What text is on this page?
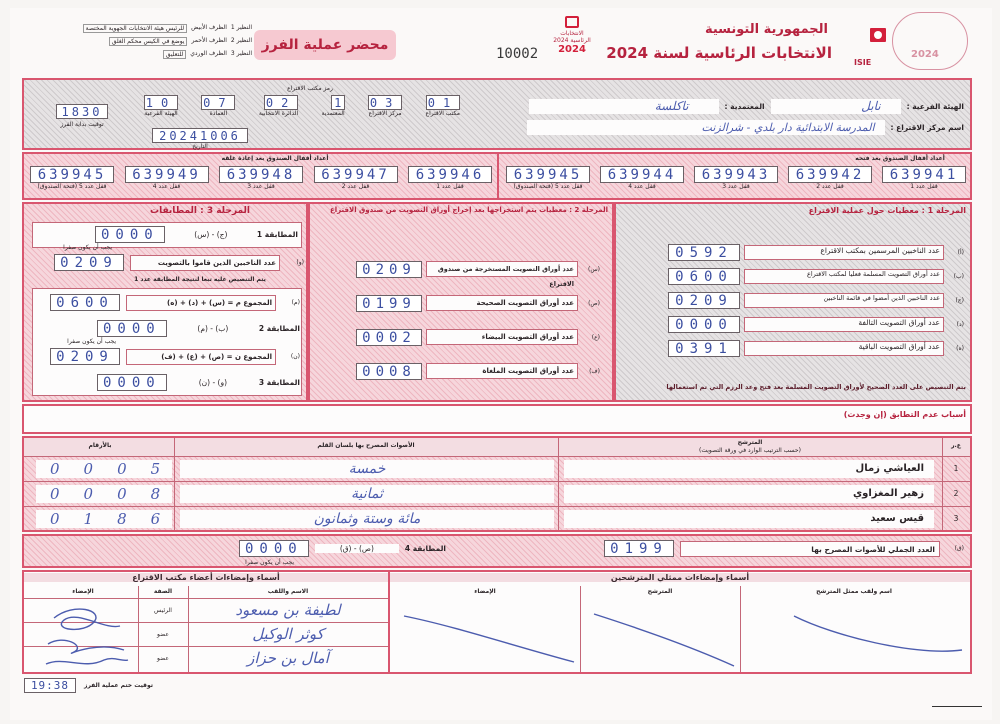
الجمهورية التونسية
الانتخابات الرئاسية لسنة 2024
ISIE
2024
الانتخابات الرئاسية 2024
2024
10002
محضر عملية الفرز
النظير 1
الظرف الأبيض
للرئيس هيئة الانتخابات الجهوية المختصة
النظير 2
الظرف الأحمر
يوضع في الكيس محكم الغلق
النظير 3
الظرف الوردي
للتعليق
رمز مكتب الاقتراع
01
مكتب الاقتراع
03
مركز الاقتراع
1
المعتمدية
02
الدائرة الانتخابية
07
العمادة
10
الهيئة الفرعية
1830
توقيت بداية الفرز
20241006
التاريخ
الهيئة الفرعية :
نابل
المعتمدية :
تاكلسة
اسم مركز الاقتراع :
المدرسة الابتدائية دار بلدي - شرالزنت
أعداد أقفال الصندوق بعد إعادة غلقه	أعداد أقفال الصندوق بعد فتحه
639945
قفل عدد 5 (فتحة الصندوق)
639949
قفل عدد 4
639948
قفل عدد 3
639947
قفل عدد 2
639946
قفل عدد 1
639945
قفل عدد 5 (فتحة الصندوق)
639944
قفل عدد 4
639943
قفل عدد 3
639942
قفل عدد 2
639941
قفل عدد 1
المرحلة 1 : معطيات حول عملية الاقتراع
(أ)
عدد الناخبين المرسمين بمكتب الاقتراع
0592
(ب)
عدد أوراق التصويت المسلمة فعليا لمكتب الاقتراع
0600
(ج)
عدد الناخبين الذين أمضوا في قائمة الناخبين
0209
(د)
عدد أوراق التصويت التالفة
0000
(ه)
عدد أوراق التصويت الباقية
0391
بتم التنصيص على العدد الصحيح لأوراق التصويت المسلمة بعد فتح وعد الرزم التي تم استعمالها
المرحلة 2 : معطيات يتم استخراجها بعد إخراج أوراق التصويت من صندوق الاقتراع
(س)
عدد أوراق التصويت المستخرجة من صندوق الاقتراع
0209
(ص)
عدد أوراق التصويت الصحيحة
0199
(ع)
عدد أوراق التصويت البيضاء
0002
(ف)
عدد أوراق التصويت الملغاة
0008
المرحلة 3 : المطابقات
المطابقة 1
(ج) - (س)
0000
يجب أن يكون صفرا
(و)
عدد الناخبين الذين قاموا بالتصويت
0209
يتم التنصيص عليه تبعا لنتيجة المطابقة عدد 1
(م)
المجموع م = (س) + (د) + (ه)
0600
المطابقة 2
(ب) - (م)
0000
يجب أن يكون صفرا
(ن)
المجموع ن = (ص) + (ع) + (ف)
0209
المطابقة 3
(و) - (ن)
0000
أسباب عدم التطابق (إن وجدت)
ع.ر
المترشح
(حسب الترتيب الوارد في ورقة التصويت)
الأصوات المصرح بها بلسان القلم
بالأرقام
1
العياشي زمال
خمسة
0005
2
زهير المغزاوي
ثمانية
0008
3
قيس سعيد
مائة وستة وثمانون
0186
(ق)
العدد الجملي للأصوات المصرح بها
0199
المطابقة 4
(ص) - (ق)
0000
يجب أن يكون صفرا
أسماء وإمضاءات أعضاء مكتب الاقتراع	أسماء وإمضاءات ممثلي المترشحين
الإمضاء	الصفة	الاسم واللقب	الإمضاء	المترشح	اسم ولقب ممثل المترشح
الرئيس	لطيفة بن مسعود
عضو	كوثر الوكيل
عضو	آمال بن حزاز
19:38	توقيت ختم عملية الفرز
